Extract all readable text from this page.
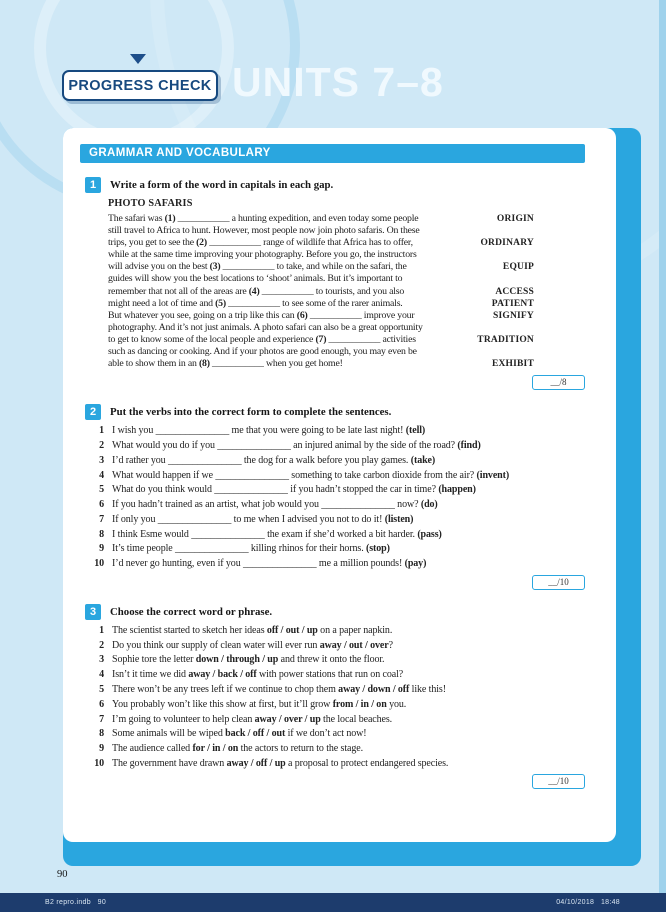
PROGRESS CHECK UNITS 7–8
GRAMMAR AND VOCABULARY
1	Write a form of the word in capitals in each gap.
PHOTO SAFARIS
The safari was (1) ___________ a hunting expedition, and even today some people	ORIGIN
still travel to Africa to hunt. However, most people now join photo safaris. On these
trips, you get to see the (2) ___________ range of wildlife that Africa has to offer,	ORDINARY
while at the same time improving your photography. Before you go, the instructors
will advise you on the best (3) ___________ to take, and while on the safari, the	EQUIP
guides will show you the best locations to ‘shoot’ animals. But it’s important to
remember that not all of the areas are (4) ___________ to tourists, and you also	ACCESS
might need a lot of time and (5) ___________ to see some of the rarer animals.	PATIENT
But whatever you see, going on a trip like this can (6) ___________ improve your	SIGNIFY
photography. And it’s not just animals. A photo safari can also be a great opportunity
to get to know some of the local people and experience (7) ___________ activities	TRADITION
such as dancing or cooking. And if your photos are good enough, you may even be
able to show them in an (8) ___________ when you get home!	EXHIBIT
__/8
2	Put the verbs into the correct form to complete the sentences.
1 I wish you _______________ me that you were going to be late last night! (tell)
2 What would you do if you _______________ an injured animal by the side of the road? (find)
3 I’d rather you _______________ the dog for a walk before you play games. (take)
4 What would happen if we _______________ something to take carbon dioxide from the air? (invent)
5 What do you think would _______________ if you hadn’t stopped the car in time? (happen)
6 If you hadn’t trained as an artist, what job would you _______________ now? (do)
7 If only you _______________ to me when I advised you not to do it! (listen)
8 I think Esme would _______________ the exam if she’d worked a bit harder. (pass)
9 It’s time people _______________ killing rhinos for their horns. (stop)
10 I’d never go hunting, even if you _______________ me a million pounds! (pay)
__/10
3	Choose the correct word or phrase.
1 The scientist started to sketch her ideas off / out / up on a paper napkin.
2 Do you think our supply of clean water will ever run away / out / over?
3 Sophie tore the letter down / through / up and threw it onto the floor.
4 Isn’t it time we did away / back / off with power stations that run on coal?
5 There won’t be any trees left if we continue to chop them away / down / off like this!
6 You probably won’t like this show at first, but it’ll grow from / in / on you.
7 I’m going to volunteer to help clean away / over / up the local beaches.
8 Some animals will be wiped back / off / out if we don’t act now!
9 The audience called for / in / on the actors to return to the stage.
10 The government have drawn away / off / up a proposal to protect endangered species.
__/10
90
B2 repro.indb   90	04/10/2018   18:48
